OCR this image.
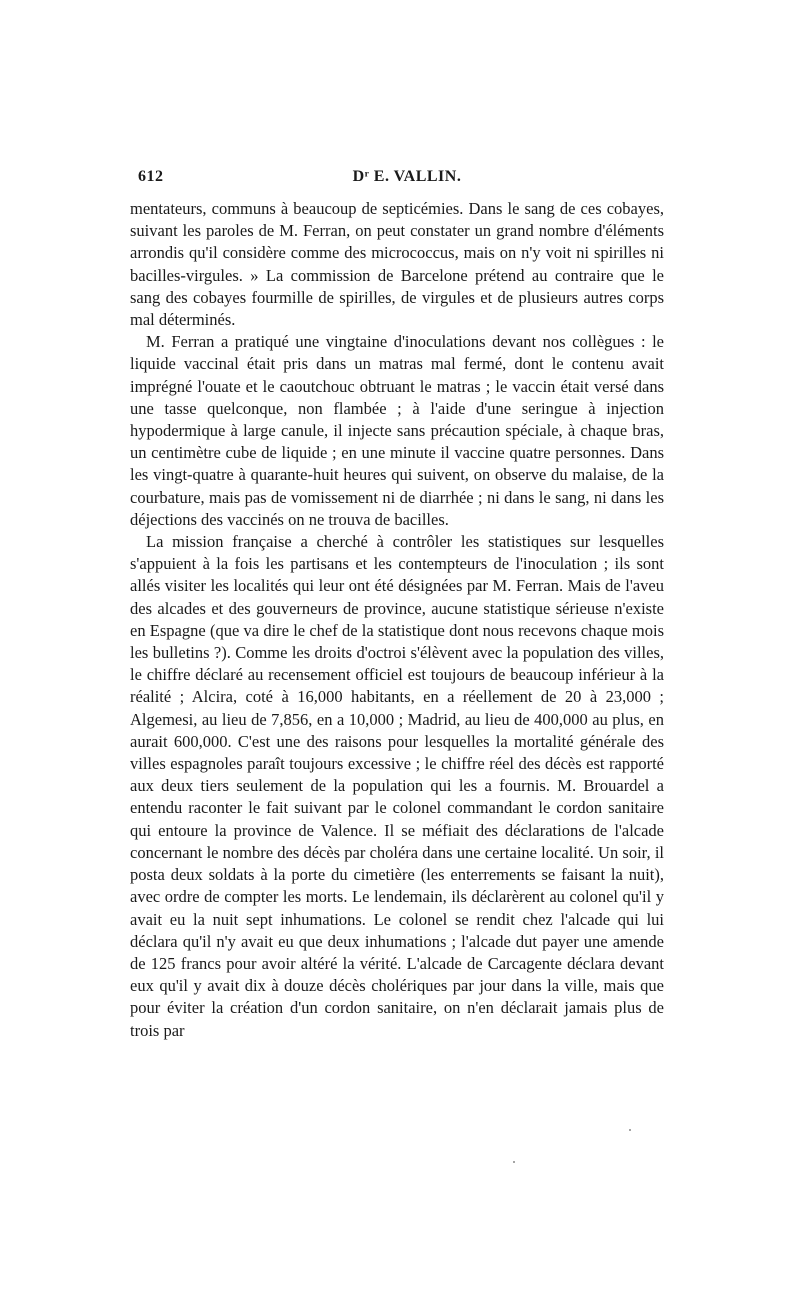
612	Dʳ E. VALLIN.

mentateurs, communs à beaucoup de septicémies. Dans le sang de ces cobayes, suivant les paroles de M. Ferran, on peut constater un grand nombre d'éléments arrondis qu'il considère comme des micrococcus, mais on n'y voit ni spirilles ni bacilles-virgules. » La commission de Barcelone prétend au contraire que le sang des cobayes fourmille de spirilles, de virgules et de plusieurs autres corps mal déterminés.

M. Ferran a pratiqué une vingtaine d'inoculations devant nos collègues : le liquide vaccinal était pris dans un matras mal fermé, dont le contenu avait imprégné l'ouate et le caoutchouc obtruant le matras ; le vaccin était versé dans une tasse quelconque, non flambée ; à l'aide d'une seringue à injection hypodermique à large canule, il injecte sans précaution spéciale, à chaque bras, un centimètre cube de liquide ; en une minute il vaccine quatre personnes. Dans les vingt-quatre à quarante-huit heures qui suivent, on observe du malaise, de la courbature, mais pas de vomissement ni de diarrhée ; ni dans le sang, ni dans les déjections des vaccinés on ne trouva de bacilles.

La mission française a cherché à contrôler les statistiques sur lesquelles s'appuient à la fois les partisans et les contempteurs de l'inoculation ; ils sont allés visiter les localités qui leur ont été désignées par M. Ferran. Mais de l'aveu des alcades et des gouverneurs de province, aucune statistique sérieuse n'existe en Espagne (que va dire le chef de la statistique dont nous recevons chaque mois les bulletins ?). Comme les droits d'octroi s'élèvent avec la population des villes, le chiffre déclaré au recensement officiel est toujours de beaucoup inférieur à la réalité ; Alcira, coté à 16,000 habitants, en a réellement de 20 à 23,000 ; Algemesi, au lieu de 7,856, en a 10,000 ; Madrid, au lieu de 400,000 au plus, en aurait 600,000. C'est une des raisons pour lesquelles la mortalité générale des villes espagnoles paraît toujours excessive ; le chiffre réel des décès est rapporté aux deux tiers seulement de la population qui les a fournis. M. Brouardel a entendu raconter le fait suivant par le colonel commandant le cordon sanitaire qui entoure la province de Valence. Il se méfiait des déclarations de l'alcade concernant le nombre des décès par choléra dans une certaine localité. Un soir, il posta deux soldats à la porte du cimetière (les enterrements se faisant la nuit), avec ordre de compter les morts. Le lendemain, ils déclarèrent au colonel qu'il y avait eu la nuit sept inhumations. Le colonel se rendit chez l'alcade qui lui déclara qu'il n'y avait eu que deux inhumations ; l'alcade dut payer une amende de 125 francs pour avoir altéré la vérité. L'alcade de Carcagente déclara devant eux qu'il y avait dix à douze décès cholériques par jour dans la ville, mais que pour éviter la création d'un cordon sanitaire, on n'en déclarait jamais plus de trois par
